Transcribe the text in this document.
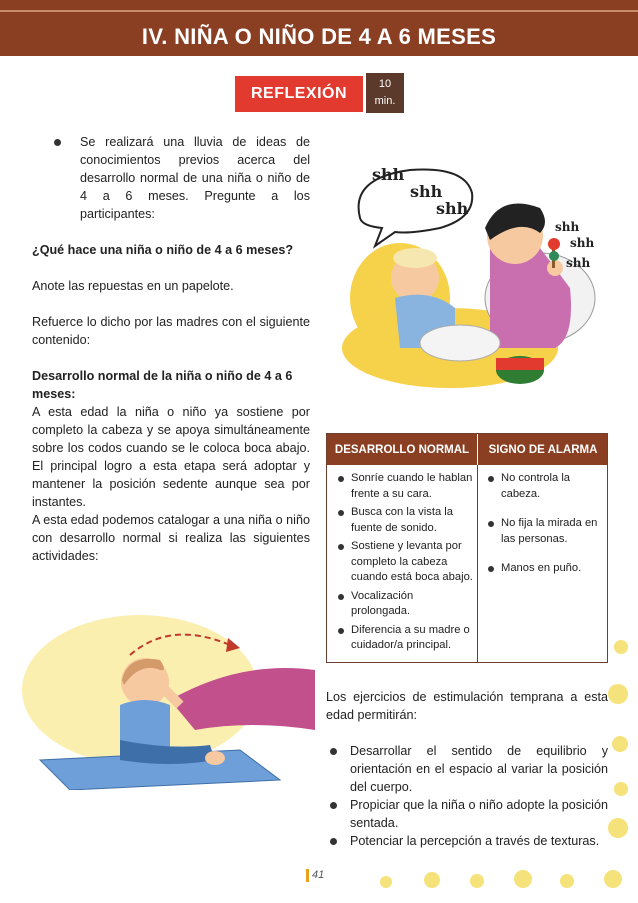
IV. NIÑA O NIÑO DE 4 A 6 MESES
REFLEXIÓN
10
min.

Se realizará una lluvia de ideas de conocimientos previos acerca del desarrollo normal de una niña o niño de 4 a 6 meses. Pregunte a los participantes:

¿Qué hace una niña o niño de 4 a 6 meses?

Anote las repuestas en un papelote.

Refuerce lo dicho por las madres con el siguiente contenido:

Desarrollo normal de la niña o niño de 4 a 6 meses:

A esta edad la niña o niño ya sostiene por completo la cabeza y se apoya simultáneamente sobre los codos cuando se le coloca boca abajo. El principal logro a esta etapa será adoptar y mantener la posición sedente aunque sea por instantes.

A esta edad podemos catalogar a una niña o niño con desarrollo normal si realiza las siguientes actividades:

shh
shh
shh
shh
shh
shh
DESARROLLO NORMAL	SIGNO DE ALARMA
Sonríe cuando le hablan frente a su cara.
Busca con la vista la fuente de sonido.
Sostiene y levanta por completo la cabeza cuando está boca abajo.
Vocalización prolongada.
Diferencia a su madre o cuidador/a principal.
No controla la cabeza.
No fija la mirada en las personas.
Manos en puño.

Los ejercicios de estimulación temprana a esta edad permitirán:

Desarrollar el sentido de equilibrio y orientación en el espacio al variar la posición del cuerpo.
Propiciar que la niña o niño adopte la posición sentada.
Potenciar la percepción a través de texturas.
41
